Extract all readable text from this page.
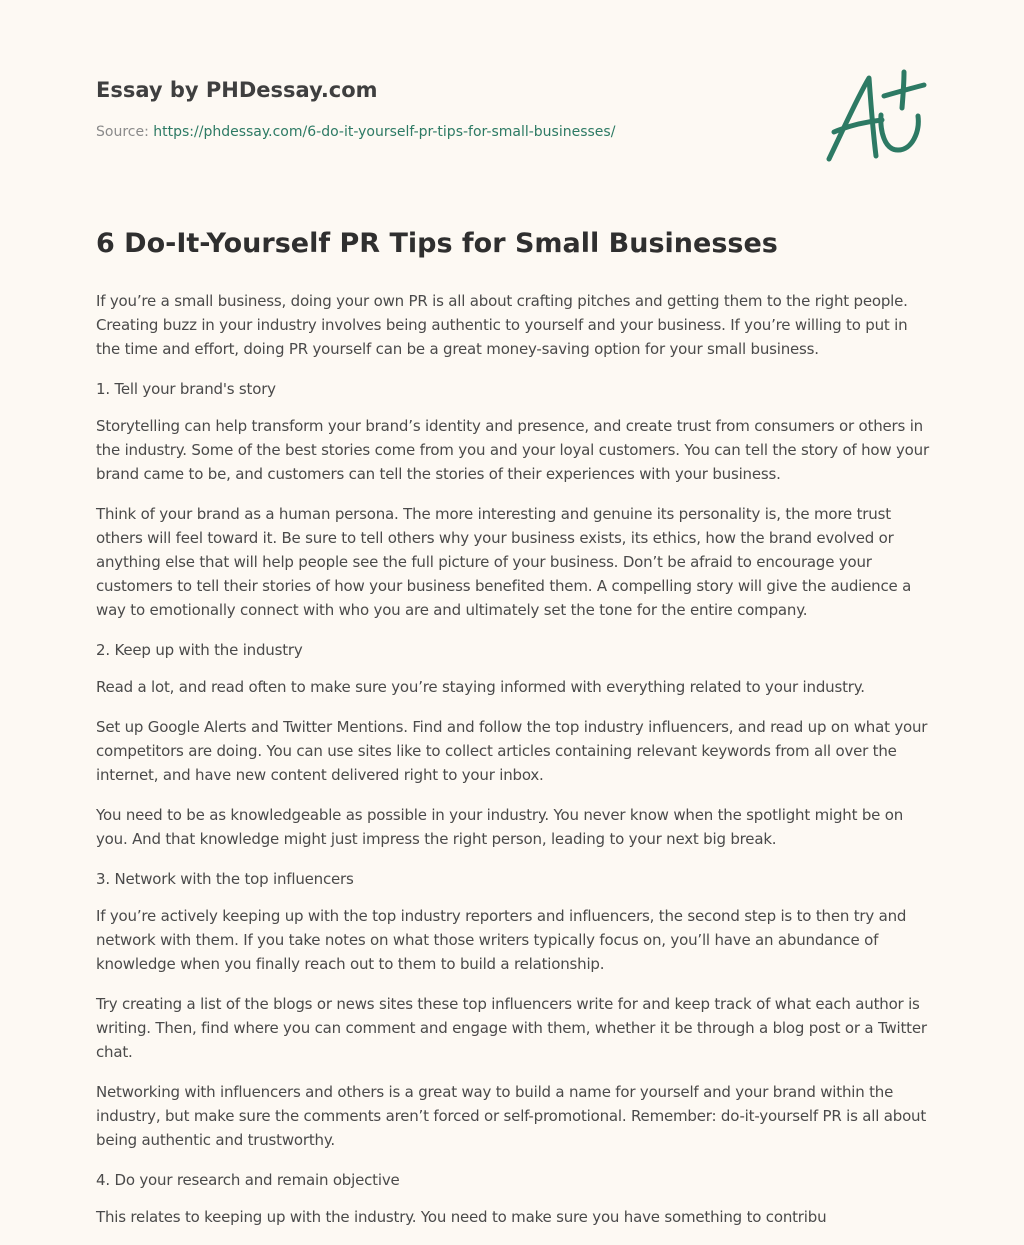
Essay by PHDessay.com
Source: https://phdessay.com/6-do-it-yourself-pr-tips-for-small-businesses/
6 Do-It-Yourself PR Tips for Small Businesses

If you’re a small business, doing your own PR is all about crafting pitches and getting them to the right people. Creating buzz in your industry involves being authentic to yourself and your business. If you’re willing to put in the time and effort, doing PR yourself can be a great money-saving option for your small business.

1. Tell your brand's story

Storytelling can help transform your brand’s identity and presence, and create trust from consumers or others in the industry. Some of the best stories come from you and your loyal customers. You can tell the story of how your brand came to be, and customers can tell the stories of their experiences with your business.

Think of your brand as a human persona. The more interesting and genuine its personality is, the more trust others will feel toward it. Be sure to tell others why your business exists, its ethics, how the brand evolved or anything else that will help people see the full picture of your business. Don’t be afraid to encourage your customers to tell their stories of how your business benefited them. A compelling story will give the audience a way to emotionally connect with who you are and ultimately set the tone for the entire company.

2. Keep up with the industry

Read a lot, and read often to make sure you’re staying informed with everything related to your industry.

Set up Google Alerts and Twitter Mentions. Find and follow the top industry influencers, and read up on what your competitors are doing. You can use sites like to collect articles containing relevant keywords from all over the internet, and have new content delivered right to your inbox.

You need to be as knowledgeable as possible in your industry. You never know when the spotlight might be on you. And that knowledge might just impress the right person, leading to your next big break.

3. Network with the top influencers

If you’re actively keeping up with the top industry reporters and influencers, the second step is to then try and network with them. If you take notes on what those writers typically focus on, you’ll have an abundance of knowledge when you finally reach out to them to build a relationship.

Try creating a list of the blogs or news sites these top influencers write for and keep track of what each author is writing. Then, find where you can comment and engage with them, whether it be through a blog post or a Twitter chat.

Networking with influencers and others is a great way to build a name for yourself and your brand within the industry, but make sure the comments aren’t forced or self-promotional. Remember: do-it-yourself PR is all about being authentic and trustworthy.

4. Do your research and remain objective

This relates to keeping up with the industry. You need to make sure you have something to contribu
